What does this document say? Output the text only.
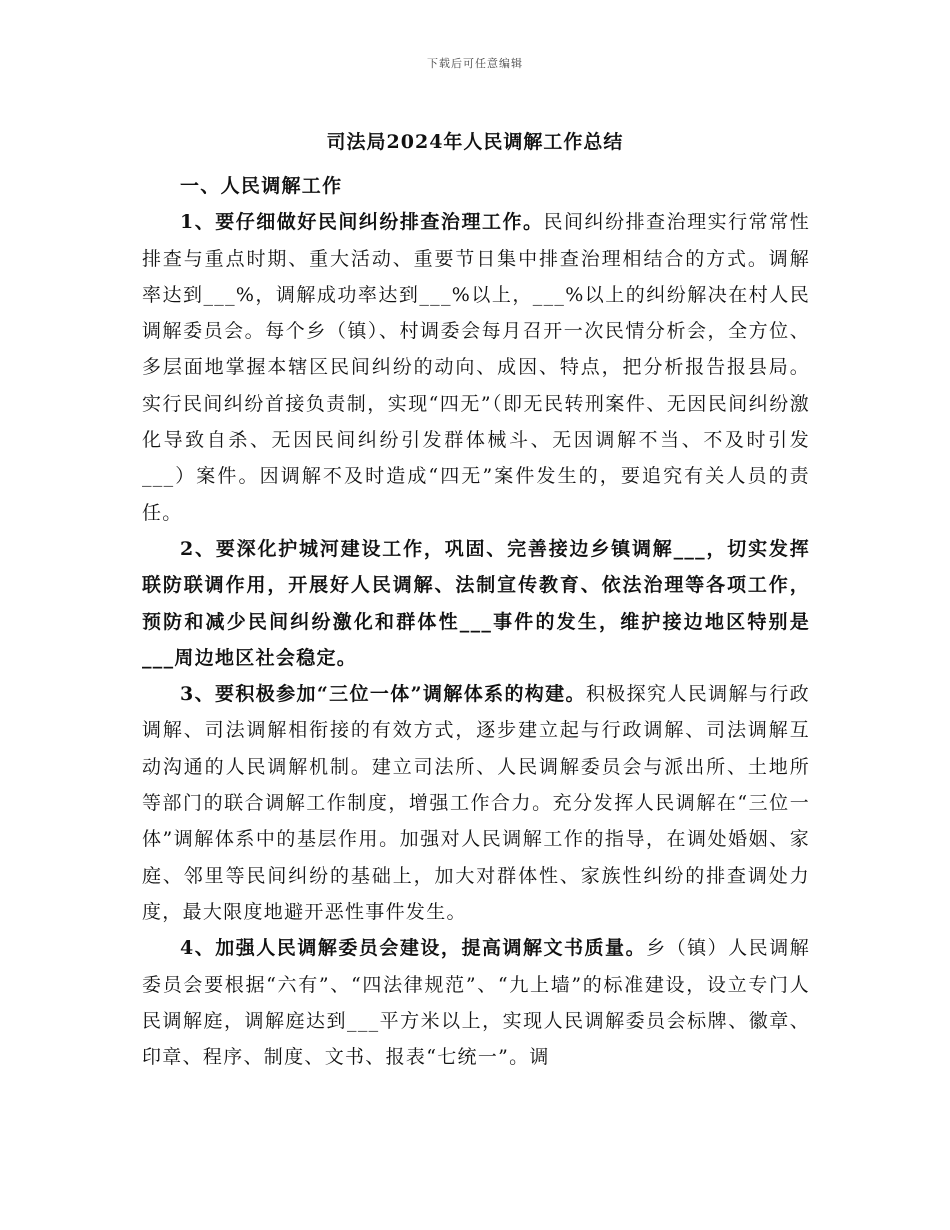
下载后可任意编辑
司法局2024年人民调解工作总结

一、人民调解工作

1、要仔细做好民间纠纷排查治理工作。民间纠纷排查治理实行常常性排查与重点时期、重大活动、重要节日集中排查治理相结合的方式。调解率达到___%，调解成功率达到___%以上，___%以上的纠纷解决在村人民调解委员会。每个乡（镇）、村调委会每月召开一次民情分析会，全方位、多层面地掌握本辖区民间纠纷的动向、成因、特点，把分析报告报县局。实行民间纠纷首接负责制，实现“四无”（即无民转刑案件、无因民间纠纷激化导致自杀、无因民间纠纷引发群体械斗、无因调解不当、不及时引发___）案件。因调解不及时造成“四无”案件发生的，要追究有关人员的责任。

2、要深化护城河建设工作，巩固、完善接边乡镇调解___，切实发挥联防联调作用，开展好人民调解、法制宣传教育、依法治理等各项工作，预防和减少民间纠纷激化和群体性___事件的发生，维护接边地区特别是___周边地区社会稳定。

3、要积极参加“三位一体”调解体系的构建。积极探究人民调解与行政调解、司法调解相衔接的有效方式，逐步建立起与行政调解、司法调解互动沟通的人民调解机制。建立司法所、人民调解委员会与派出所、土地所等部门的联合调解工作制度，增强工作合力。充分发挥人民调解在“三位一体”调解体系中的基层作用。加强对人民调解工作的指导，在调处婚姻、家庭、邻里等民间纠纷的基础上，加大对群体性、家族性纠纷的排查调处力度，最大限度地避开恶性事件发生。

4、加强人民调解委员会建设，提高调解文书质量。乡（镇）人民调解委员会要根据“六有”、“四法律规范”、“九上墙”的标准建设，设立专门人民调解庭，调解庭达到___平方米以上，实现人民调解委员会标牌、徽章、印章、程序、制度、文书、报表“七统一”。调
